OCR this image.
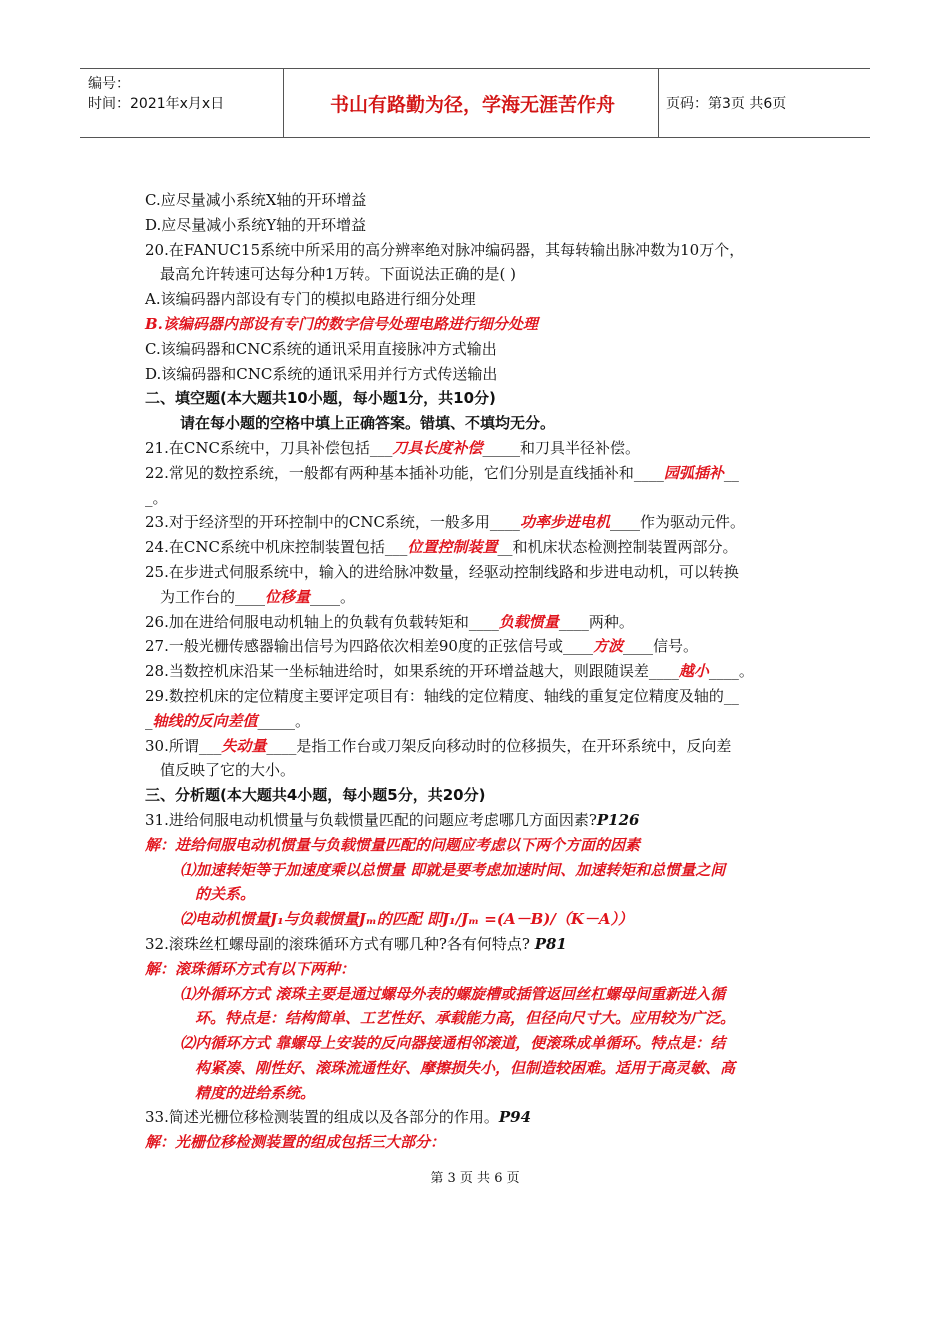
编号：
时间：2021年x月x日	书山有路勤为径，学海无涯苦作舟	页码：第3页 共6页
C.应尽量减小系统X轴的开环增益
D.应尽量减小系统Y轴的开环增益
20.在FANUC15系统中所采用的高分辨率绝对脉冲编码器，其每转输出脉冲数为10万个，
最高允许转速可达每分种1万转。下面说法正确的是( )
A.该编码器内部设有专门的模拟电路进行细分处理
B.该编码器内部设有专门的数字信号处理电路进行细分处理
C.该编码器和CNC系统的通讯采用直接脉冲方式输出
D.该编码器和CNC系统的通讯采用并行方式传送输出
二、填空题(本大题共10小题，每小题1分，共10分)
请在每小题的空格中填上正确答案。错填、不填均无分。
21.在CNC系统中，刀具补偿包括___刀具长度补偿_____和刀具半径补偿。
22.常见的数控系统，一般都有两种基本插补功能，它们分别是直线插补和____园弧插补__
_。
23.对于经济型的开环控制中的CNC系统，一般多用____功率步进电机____作为驱动元件。
24.在CNC系统中机床控制装置包括___位置控制装置__和机床状态检测控制装置两部分。
25.在步进式伺服系统中，输入的进给脉冲数量，经驱动控制线路和步进电动机，可以转换
为工作台的____位移量____。
26.加在进给伺服电动机轴上的负载有负载转矩和____负载惯量____两种。
27.一般光栅传感器输出信号为四路依次相差90度的正弦信号或____方波____信号。
28.当数控机床沿某一坐标轴进给时，如果系统的开环增益越大，则跟随误差____越小____。
29.数控机床的定位精度主要评定项目有：轴线的定位精度、轴线的重复定位精度及轴的__
_轴线的反向差值_____。
30.所谓___失动量____是指工作台或刀架反向移动时的位移损失，在开环系统中，反向差
值反映了它的大小。
三、分析题(本大题共4小题，每小题5分，共20分)
31.进给伺服电动机惯量与负载惯量匹配的问题应考虑哪几方面因素?P126
解：进给伺服电动机惯量与负载惯量匹配的问题应考虑以下两个方面的因素
⑴加速转矩等于加速度乘以总惯量 即就是要考虑加速时间、加速转矩和总惯量之间
的关系。
⑵电动机惯量J₁与负载惯量Jₘ的匹配 即J₁/Jₘ =(A－B)/（K－A））
32.滚珠丝杠螺母副的滚珠循环方式有哪几种?各有何特点? P81
解：滚珠循环方式有以下两种：
⑴外循环方式 滚珠主要是通过螺母外表的螺旋槽或插管返回丝杠螺母间重新进入循
环。特点是：结构简单、工艺性好、承载能力高，但径向尺寸大。应用较为广泛。
⑵内循环方式 靠螺母上安装的反向器接通相邻滚道，便滚珠成单循环。特点是：结
构紧凑、刚性好、滚珠流通性好、摩擦损失小，但制造较困难。适用于高灵敏、高
精度的进给系统。
33.简述光栅位移检测装置的组成以及各部分的作用。P94
解：光栅位移检测装置的组成包括三大部分：
第 3 页 共 6 页
